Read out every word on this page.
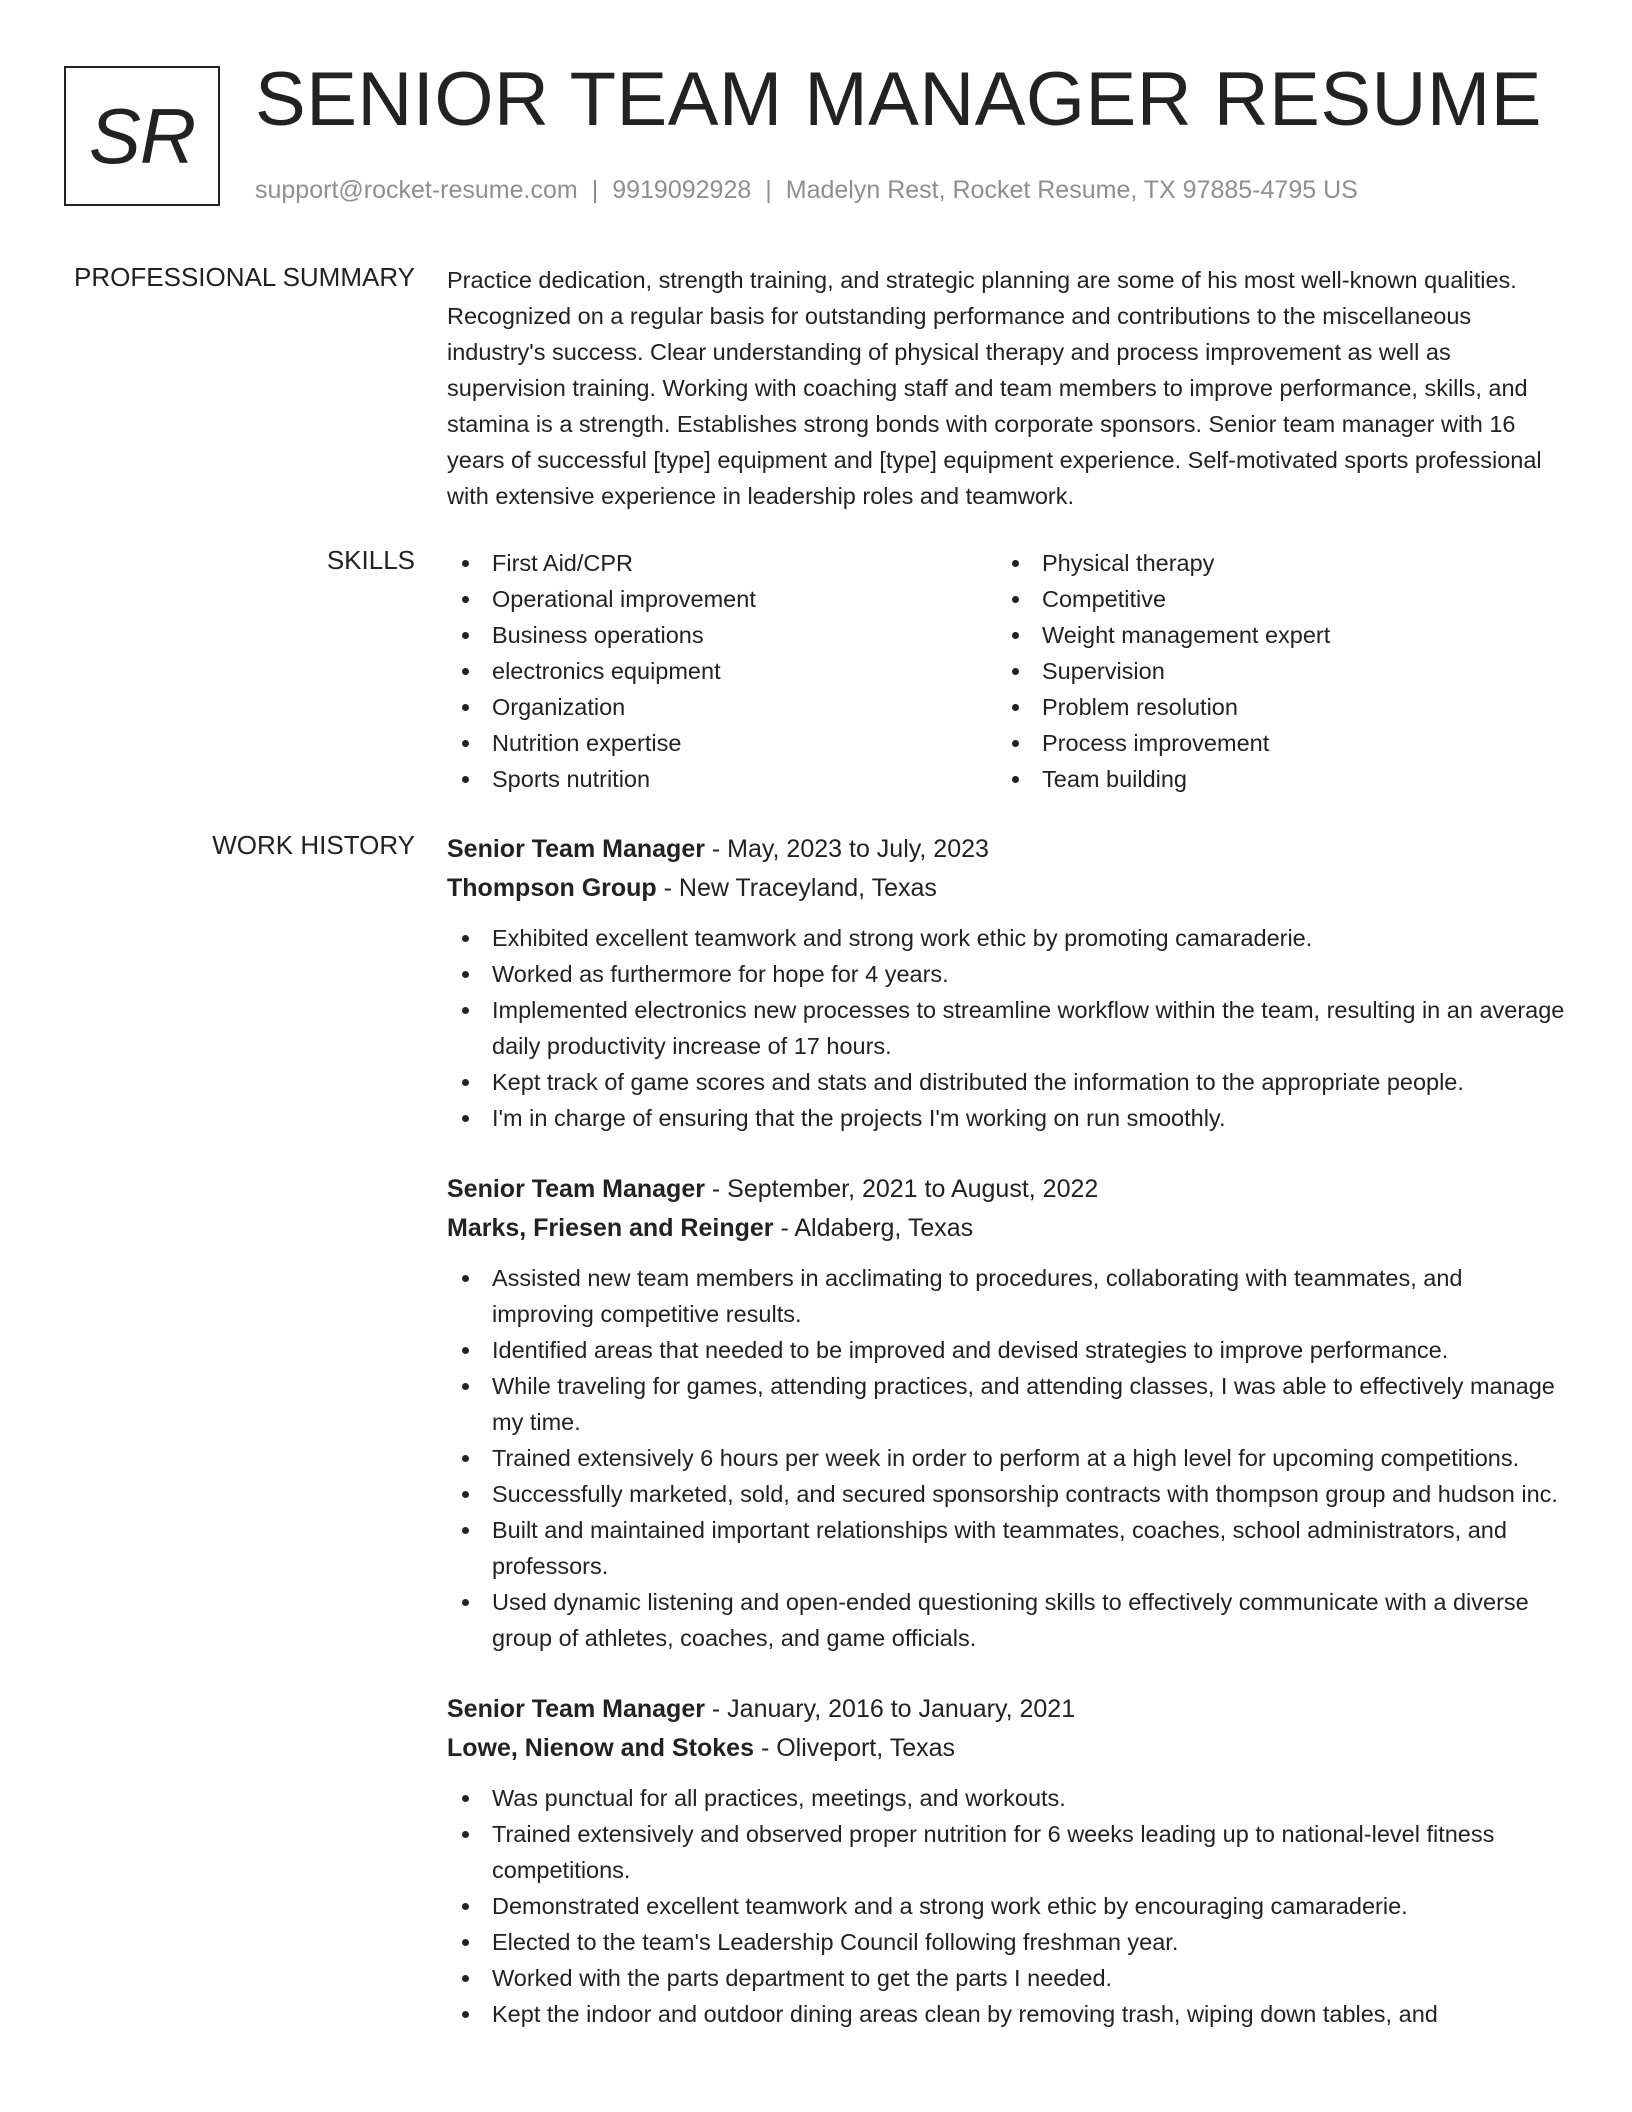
SR SENIOR TEAM MANAGER RESUME
support@rocket-resume.com | 9919092928 | Madelyn Rest, Rocket Resume, TX 97885-4795 US
PROFESSIONAL SUMMARY Practice dedication, strength training, and strategic planning are some of his most well-known qualities. Recognized on a regular basis for outstanding performance and contributions to the miscellaneous industry's success. Clear understanding of physical therapy and process improvement as well as supervision training. Working with coaching staff and team members to improve performance, skills, and stamina is a strength. Establishes strong bonds with corporate sponsors. Senior team manager with 16 years of successful [type] equipment and [type] equipment experience. Self-motivated sports professional with extensive experience in leadership roles and teamwork.

SKILLS	First Aid/CPR
Operational improvement
Business operations
electronics equipment
Organization
Nutrition expertise
Sports nutrition
Physical therapy
Competitive
Weight management expert
Supervision
Problem resolution
Process improvement
Team building
WORK HISTORY Senior Team Manager - May, 2023 to July, 2023
Thompson Group - New Traceyland, Texas
Exhibited excellent teamwork and strong work ethic by promoting camaraderie.
Worked as furthermore for hope for 4 years.
Implemented electronics new processes to streamline workflow within the team, resulting in an average daily productivity increase of 17 hours.
Kept track of game scores and stats and distributed the information to the appropriate people.
I'm in charge of ensuring that the projects I'm working on run smoothly.
Senior Team Manager - September, 2021 to August, 2022
Marks, Friesen and Reinger - Aldaberg, Texas
Assisted new team members in acclimating to procedures, collaborating with teammates, and improving competitive results.
Identified areas that needed to be improved and devised strategies to improve performance.
While traveling for games, attending practices, and attending classes, I was able to effectively manage my time.
Trained extensively 6 hours per week in order to perform at a high level for upcoming competitions.
Successfully marketed, sold, and secured sponsorship contracts with thompson group and hudson inc.
Built and maintained important relationships with teammates, coaches, school administrators, and professors.
Used dynamic listening and open-ended questioning skills to effectively communicate with a diverse group of athletes, coaches, and game officials.
Senior Team Manager - January, 2016 to January, 2021
Lowe, Nienow and Stokes - Oliveport, Texas
Was punctual for all practices, meetings, and workouts.
Trained extensively and observed proper nutrition for 6 weeks leading up to national-level fitness competitions.
Demonstrated excellent teamwork and a strong work ethic by encouraging camaraderie.
Elected to the team's Leadership Council following freshman year.
Worked with the parts department to get the parts I needed.
Kept the indoor and outdoor dining areas clean by removing trash, wiping down tables, and
